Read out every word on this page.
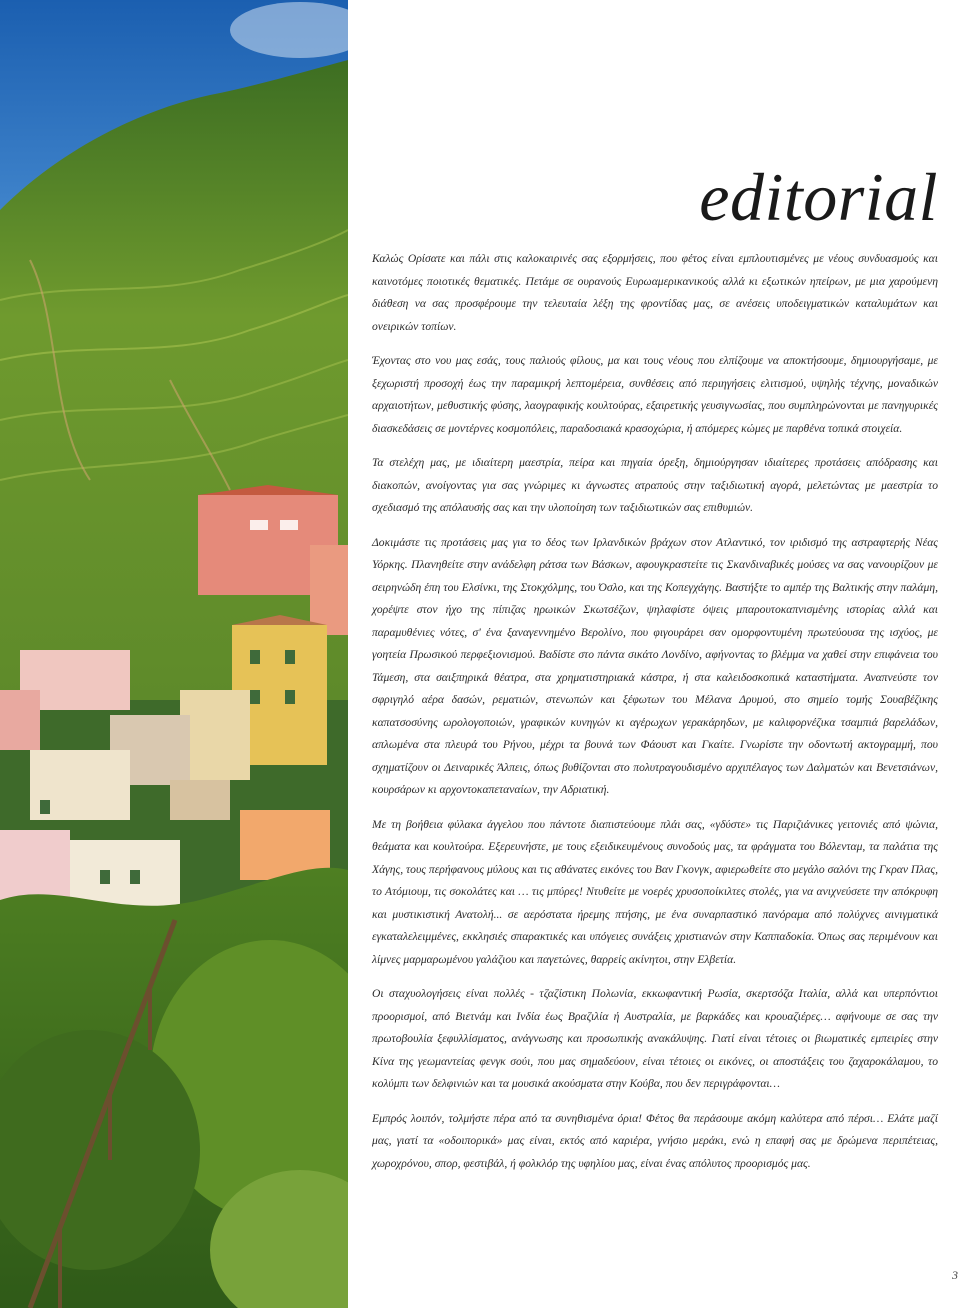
editorial

Καλώς Ορίσατε και πάλι στις καλοκαιρινές σας εξορμήσεις, που φέτος είναι εμπλουτισμένες με νέους συνδυασμούς και καινοτόμες ποιοτικές θεματικές. Πετάμε σε ουρανούς Ευρωαμερικανικούς αλλά κι εξωτικών ηπείρων, με μια χαρούμενη διάθεση να σας προσφέρουμε την τελευταία λέξη της φροντίδας μας, σε ανέσεις υποδειγματικών καταλυμάτων και ονειρικών τοπίων.

Έχοντας στο νου μας εσάς, τους παλιούς φίλους, μα και τους νέους που ελπίζουμε να αποκτήσουμε, δημιουργήσαμε, με ξεχωριστή προσοχή έως την παραμικρή λεπτομέρεια, συνθέσεις από περιηγήσεις ελιτισμού, υψηλής τέχνης, μοναδικών αρχαιοτήτων, μεθυστικής φύσης, λαογραφικής κουλτούρας, εξαιρετικής γευσιγνωσίας, που συμπληρώνονται με πανηγυρικές διασκεδάσεις σε μοντέρνες κοσμοπόλεις, παραδοσιακά κρασοχώρια, ή απόμερες κώμες με παρθένα τοπικά στοιχεία.

Τα στελέχη μας, με ιδιαίτερη μαεστρία, πείρα και πηγαία όρεξη, δημιούργησαν ιδιαίτερες προτάσεις απόδρασης και διακοπών, ανοίγοντας για σας γνώριμες κι άγνωστες ατραπούς στην ταξιδιωτική αγορά, μελετώντας με μαεστρία το σχεδιασμό της απόλαυσής σας και την υλοποίηση των ταξιδιωτικών σας επιθυμιών.

Δοκιμάστε τις προτάσεις μας για το δέος των Ιρλανδικών βράχων στον Ατλαντικό, τον ιριδισμό της αστραφτερής Νέας Υόρκης. Πλανηθείτε στην ανάδελφη ράτσα των Βάσκων, αφουγκραστείτε τις Σκανδιναβικές μούσες να σας νανουρίζουν με σειρηνώδη έπη του Ελσίνκι, της Στοκχόλμης, του Όσλο, και της Κοπεγχάγης. Βαστήξτε το αμπέρ της Βαλτικής στην παλάμη, χορέψτε στον ήχο της πίπιζας ηρωικών Σκωτσέζων, ψηλαφίστε όψεις μπαρουτοκαπνισμένης ιστορίας αλλά και παραμυθένιες νότες, σ' ένα ξαναγεννημένο Βερολίνο, που φιγουράρει σαν ομορφοντυμένη πρωτεύουσα της ισχύος, με γοητεία Πρωσικού περφεξιονισμού. Βαδίστε στο πάντα σικάτο Λονδίνο, αφήνοντας το βλέμμα να χαθεί στην επιφάνεια του Τάμεση, στα σαιξπηρικά θέατρα, στα χρηματιστηριακά κάστρα, ή στα καλειδοσκοπικά καταστήματα. Αναπνεύστε τον σφριγηλό αέρα δασών, ρεματιών, στενωπών και ξέφωτων του Μέλανα Δρυμού, στο σημείο τομής Σουαβέζικης καπατσοσύνης ωρολογοποιών, γραφικών κυνηγών κι αγέρωχων γερακάρηδων, με καλιφορνέζικα τσαμπιά βαρελάδων, απλωμένα στα πλευρά του Ρήνου, μέχρι τα βουνά των Φάουστ και Γκαίτε. Γνωρίστε την οδοντωτή ακτογραμμή, που σχηματίζουν οι Δειναρικές Άλπεις, όπως βυθίζονται στο πολυτραγουδισμένο αρχιπέλαγος των Δαλματών και Βενετσιάνων, κουρσάρων κι αρχοντοκαπεταναίων, την Αδριατική.

Με τη βοήθεια φύλακα άγγελου που πάντοτε διαπιστεύουμε πλάι σας, «γδύστε» τις Παριζιάνικες γειτονιές από ψώνια, θεάματα και κουλτούρα. Εξερευνήστε, με τους εξειδικευμένους συνοδούς μας, τα φράγματα του Βόλενταμ, τα παλάτια της Χάγης, τους περήφανους μύλους και τις αθάνατες εικόνες του Βαν Γκονγκ, αφιερωθείτε στο μεγάλο σαλόνι της Γκραν Πλας, το Ατόμιουμ, τις σοκολάτες και … τις μπύρες! Ντυθείτε με νοερές χρυσοποίκιλτες στολές, για να ανιχνεύσετε την απόκρυφη και μυστικιστική Ανατολή... σε αερόστατα ήρεμης πτήσης, με ένα συναρπαστικό πανόραμα από πολύχνες αινιγματικά εγκαταλελειμμένες, εκκλησιές σπαρακτικές και υπόγειες συνάξεις χριστιανών στην Καππαδοκία. Όπως σας περιμένουν και λίμνες μαρμαρωμένου γαλάζιου και παγετώνες, θαρρείς ακίνητοι, στην Ελβετία.

Οι σταχυολογήσεις είναι πολλές - τζαζίστικη Πολωνία, εκκωφαντική Ρωσία, σκερτσόζα Ιταλία, αλλά και υπερπόντιοι προορισμοί, από Βιετνάμ και Ινδία έως Βραζιλία ή Αυστραλία, με βαρκάδες και κρουαζιέρες… αφήνουμε σε σας την πρωτοβουλία ξεφυλλίσματος, ανάγνωσης και προσωπικής ανακάλυψης. Γιατί είναι τέτοιες οι βιωματικές εμπειρίες στην Κίνα της γεωμαντείας φενγκ σούι, που μας σημαδεύουν, είναι τέτοιες οι εικόνες, οι αποστάξεις του ζαχαροκάλαμου, το κολύμπι των δελφινιών και τα μουσικά ακούσματα στην Κούβα, που δεν περιγράφονται…

Εμπρός λοιπόν, τολμήστε πέρα από τα συνηθισμένα όρια! Φέτος θα περάσουμε ακόμη καλύτερα από πέρσι… Ελάτε μαζί μας, γιατί τα «οδοιπορικά» μας είναι, εκτός από καριέρα, γνήσιο μεράκι, ενώ η επαφή σας με δρώμενα περιπέτειας, χωροχρόνου, σπορ, φεστιβάλ, ή φολκλόρ της υφηλίου μας, είναι ένας απόλυτος προορισμός μας.

3
